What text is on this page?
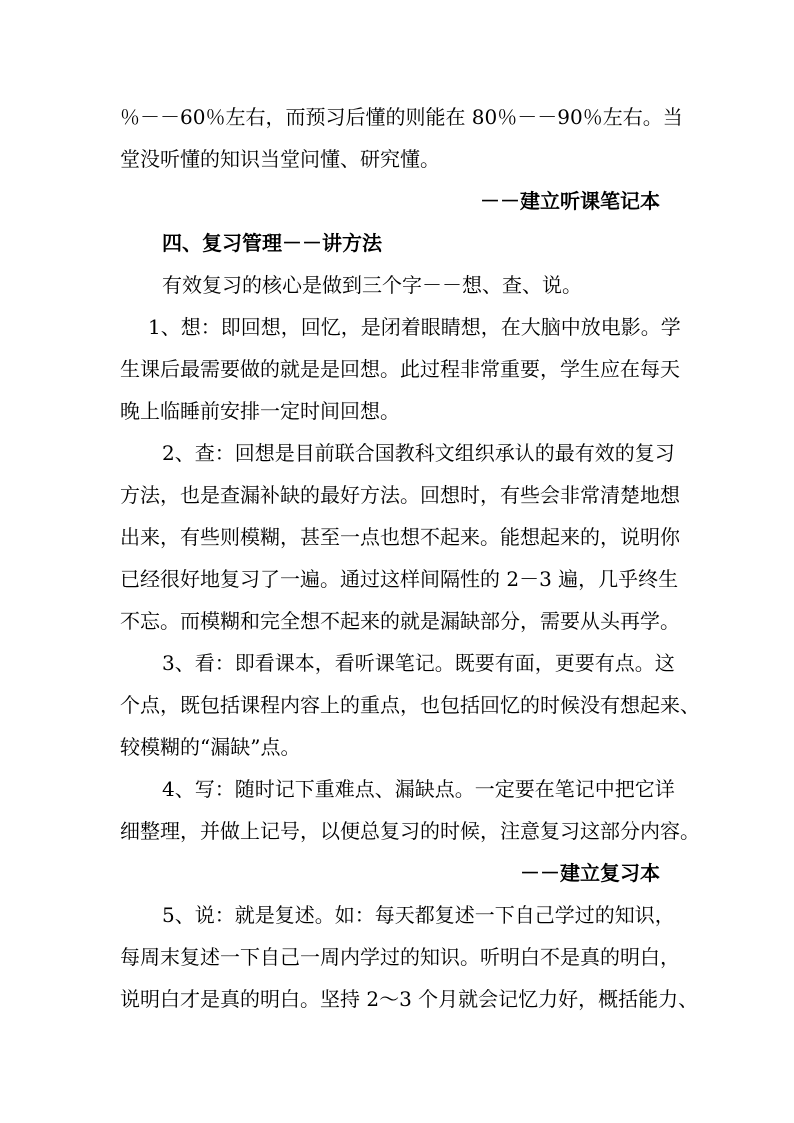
％－－60％左右，而预习后懂的则能在 80％－－90％左右。当
堂没听懂的知识当堂问懂、研究懂。
－－建立听课笔记本
四、复习管理－－讲方法
有效复习的核心是做到三个字－－想、查、说。
1、想：即回想，回忆，是闭着眼睛想，在大脑中放电影。学
生课后最需要做的就是是回想。此过程非常重要，学生应在每天
晚上临睡前安排一定时间回想。
2、查：回想是目前联合国教科文组织承认的最有效的复习
方法，也是查漏补缺的最好方法。回想时，有些会非常清楚地想
出来，有些则模糊，甚至一点也想不起来。能想起来的，说明你
已经很好地复习了一遍。通过这样间隔性的 2－3 遍，几乎终生
不忘。而模糊和完全想不起来的就是漏缺部分，需要从头再学。
3、看：即看课本，看听课笔记。既要有面，更要有点。这
个点，既包括课程内容上的重点，也包括回忆的时候没有想起来、
较模糊的“漏缺”点。
4、写：随时记下重难点、漏缺点。一定要在笔记中把它详
细整理，并做上记号，以便总复习的时候，注意复习这部分内容。
－－建立复习本
5、说：就是复述。如：每天都复述一下自己学过的知识，
每周末复述一下自己一周内学过的知识。听明白不是真的明白，
说明白才是真的明白。坚持 2～3 个月就会记忆力好，概括能力、
